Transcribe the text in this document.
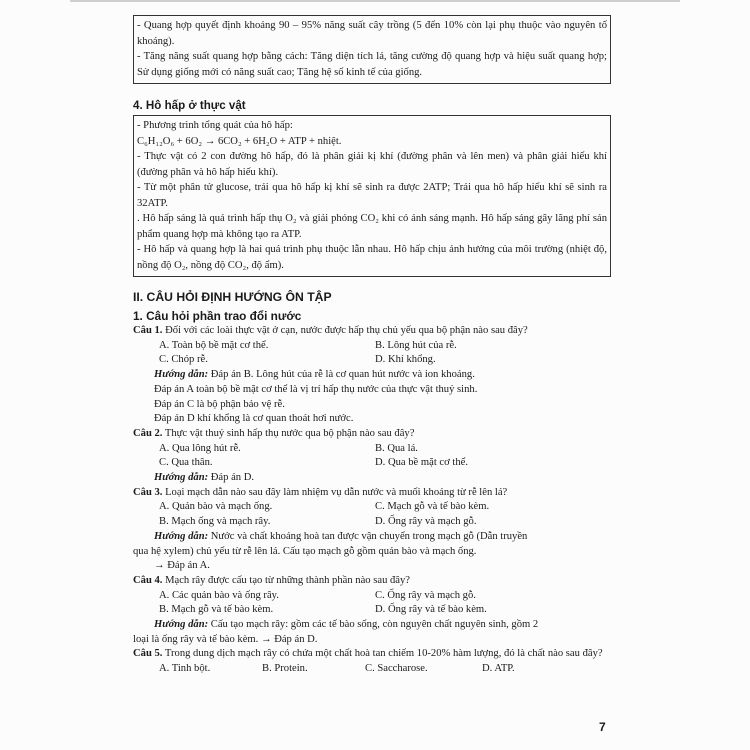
- Quang hợp quyết định khoảng 90 – 95% năng suất cây trồng (5 đến 10% còn lại phụ thuộc vào nguyên tố khoáng).

- Tăng năng suất quang hợp bằng cách: Tăng diện tích lá, tăng cường độ quang hợp và hiệu suất quang hợp; Sử dụng giống mới có năng suất cao; Tăng hệ số kinh tế của giống.

4. Hô hấp ở thực vật

- Phương trình tổng quát của hô hấp:

C₆H₁₂O₆ + 6O₂ → 6CO₂ + 6H₂O + ATP + nhiệt.

- Thực vật có 2 con đường hô hấp, đó là phân giải kị khí (đường phân và lên men) và phân giải hiếu khí (đường phân và hô hấp hiếu khí).

- Từ một phân tử glucose, trải qua hô hấp kị khí sẽ sinh ra được 2ATP; Trải qua hô hấp hiếu khí sẽ sinh ra 32ATP.

. Hô hấp sáng là quá trình hấp thụ O₂ và giải phóng CO₂ khi có ánh sáng mạnh. Hô hấp sáng gây lãng phí sản phẩm quang hợp mà không tạo ra ATP.

- Hô hấp và quang hợp là hai quá trình phụ thuộc lẫn nhau. Hô hấp chịu ảnh hưởng của môi trường (nhiệt độ, nồng độ O₂, nồng độ CO₂, độ ẩm).

II. CÂU HỎI ĐỊNH HƯỚNG ÔN TẬP
1. Câu hỏi phần trao đổi nước
Câu 1. Đối với các loài thực vật ở cạn, nước được hấp thụ chủ yếu qua bộ phận nào sau đây?
A. Toàn bộ bề mặt cơ thể.	B. Lông hút của rễ.
C. Chóp rễ.	D. Khí khổng.
Hướng dẫn: Đáp án B. Lông hút của rễ là cơ quan hút nước và ion khoáng.
Đáp án A toàn bộ bề mặt cơ thể là vị trí hấp thụ nước của thực vật thuỷ sinh.
Đáp án C là bộ phận bảo vệ rễ.
Đáp án D khí khổng là cơ quan thoát hơi nước.
Câu 2. Thực vật thuỷ sinh hấp thụ nước qua bộ phận nào sau đây?
A. Qua lông hút rễ.	B. Qua lá.
C. Qua thân.	D. Qua bề mặt cơ thể.
Hướng dẫn: Đáp án D.
Câu 3. Loại mạch dẫn nào sau đây làm nhiệm vụ dẫn nước và muối khoáng từ rễ lên lá?
A. Quản bào và mạch ống.	C. Mạch gỗ và tế bào kèm.
B. Mạch ống và mạch rây.	D. Ống rây và mạch gỗ.
Hướng dẫn: Nước và chất khoáng hoà tan được vận chuyển trong mạch gỗ (Dẫn truyền
qua hệ xylem) chủ yếu từ rễ lên lá. Cấu tạo mạch gỗ gồm quản bào và mạch ống.
→ Đáp án A.
Câu 4. Mạch rây được cấu tạo từ những thành phần nào sau đây?
A. Các quản bào và ống rây.	C. Ống rây và mạch gỗ.
B. Mạch gỗ và tế bào kèm.	D. Ống rây và tế bào kèm.
Hướng dẫn: Cấu tạo mạch rây: gồm các tế bào sống, còn nguyên chất nguyên sinh, gồm 2
loại là ống rây và tế bào kèm. → Đáp án D.
Câu 5. Trong dung dịch mạch rây có chứa một chất hoà tan chiếm 10-20% hàm lượng, đó là chất nào sau đây?
A. Tinh bột.	B. Protein.	C. Saccharose.	D. ATP.
7
